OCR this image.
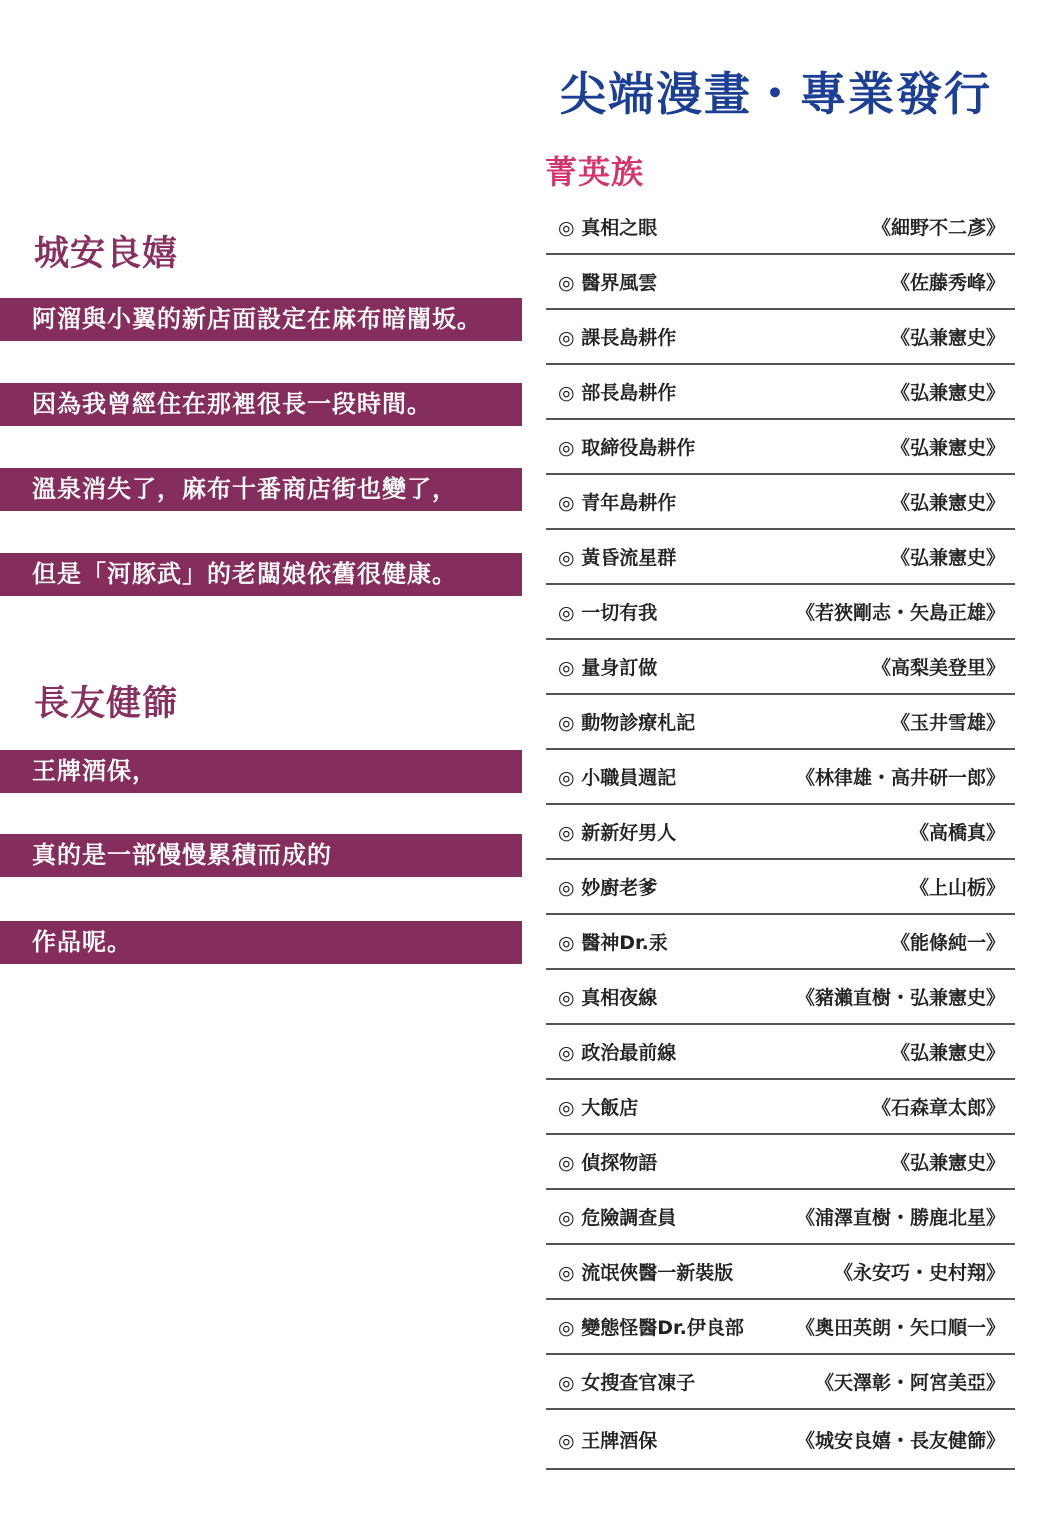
尖端漫畫・專業發行
菁英族
城安良嬉
阿溜與小翼的新店面設定在麻布暗闇坂。
因為我曾經住在那裡很長一段時間。
溫泉消失了，麻布十番商店街也變了，
但是「河豚武」的老闆娘依舊很健康。
長友健篩
王牌酒保，
真的是一部慢慢累積而成的
作品呢。
◎ 真相之眼	《細野不二彥》
◎ 醫界風雲	《佐藤秀峰》
◎ 課長島耕作	《弘兼憲史》
◎ 部長島耕作	《弘兼憲史》
◎ 取締役島耕作	《弘兼憲史》
◎ 青年島耕作	《弘兼憲史》
◎ 黃昏流星群	《弘兼憲史》
◎ 一切有我	《若狹剛志・矢島正雄》
◎ 量身訂做	《高梨美登里》
◎ 動物診療札記	《玉井雪雄》
◎ 小職員週記	《林律雄・高井研一郎》
◎ 新新好男人	《高橋真》
◎ 妙廚老爹	《上山栃》
◎ 醫神Dr.汞	《能條純一》
◎ 真相夜線	《豬瀨直樹・弘兼憲史》
◎ 政治最前線	《弘兼憲史》
◎ 大飯店	《石森章太郎》
◎ 偵探物語	《弘兼憲史》
◎ 危險調查員	《浦澤直樹・勝鹿北星》
◎ 流氓俠醫一新裝版	《永安巧・史村翔》
◎ 變態怪醫Dr.伊良部	《奧田英朗・矢口順一》
◎ 女搜查官凍子	《天澤彰・阿宮美亞》
◎ 王牌酒保	《城安良嬉・長友健篩》
